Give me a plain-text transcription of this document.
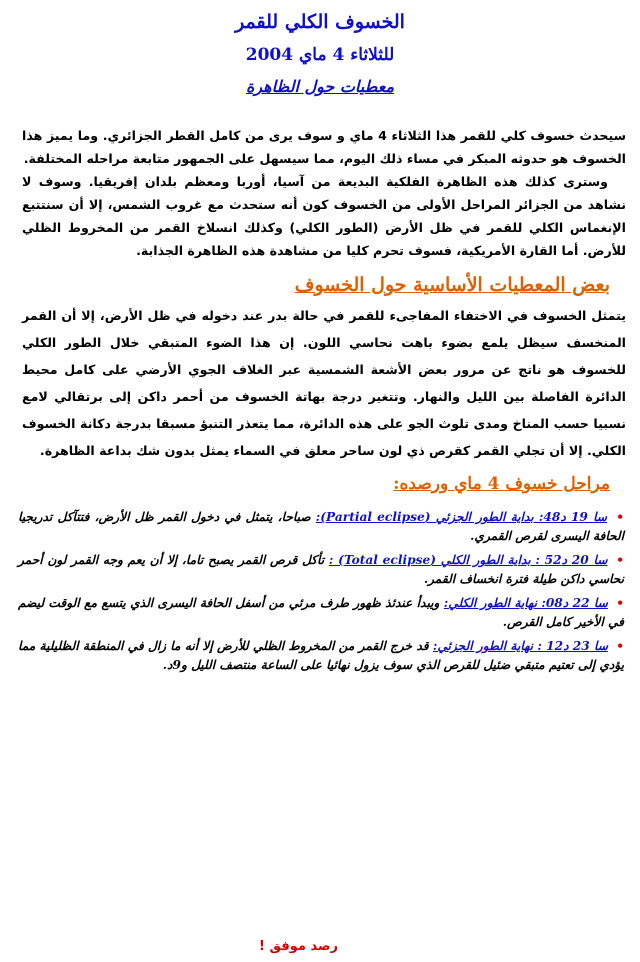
الخسوف الكلي للقمر
للثلاثاء 4 ماي 2004
معطيات حول الظاهرة

سيحدث خسوف كلي للقمر هذا الثلاثاء 4 ماي و سوف يرى من كامل القطر الجزائري. وما يميز هذا الخسوف هو حدوثه المبكر في مساء ذلك اليوم، مما سيسهل على الجمهور متابعة مراحله المختلفة.

وسترى كذلك هذه الظاهرة الفلكية البديعة من آسيا، أوربا ومعظم بلدان إفريقيا. وسوف لا نشاهد من الجزائر المراحل الأولى من الخسوف كون أنه ستحدث مع غروب الشمس، إلا أن سنتتبع الإنغماس الكلي للقمر في ظل الأرض (الطور الكلي) وكذلك انسلاخ القمر من المخروط الظلي للأرض. أما القارة الأمريكية، فسوف تحرم كليا من مشاهدة هذه الظاهرة الجذابة.

بعض المعطيات الأساسية حول الخسوف

يتمثل الخسوف في الاختفاء المفاجىء للقمر في حالة بدر عند دخوله في ظل الأرض، إلا أن القمر المنخسف سيظل يلمع بضوء باهت نحاسي اللون. إن هذا الضوء المتبقي خلال الطور الكلي للخسوف هو ناتج عن مرور بعض الأشعة الشمسية عبر الغلاف الجوي الأرضي على كامل محيط الدائرة الفاصلة بين الليل والنهار. وتتغير درجة بهاتة الخسوف من أحمر داكن إلى برتقالي لامع نسبيا حسب المناخ ومدى تلوث الجو على هذه الدائرة، مما يتعذر التنبؤ مسبقا بدرجة دكانة الخسوف الكلي. إلا أن تجلي القمر كقرص ذي لون ساحر معلق في السماء يمثل بدون شك بداعة الظاهرة.

مراحل خسوف 4 ماي ورصده:
• سا 19 د48: بداية الطور الجزئي (Partial eclipse): صباحا، يتمثل في دخول القمر ظل الأرض، فتتآكل تدريجيا الحافة اليسرى لقرص القمري.
• سا 20 د52 : بداية الطور الكلي (Total eclipse) : تأكل قرص القمر يصبح تاما، إلا أن يعم وجه القمر لون أحمر نحاسي داكن طيلة فترة انخساف القمر.
• سا 22 د08: نهاية الطور الكلي: ويبدأ عندئذ ظهور طرف مرئي من أسفل الحافة اليسرى الذي يتسع مع الوقت ليضم في الأخير كامل القرص.
• سا 23 د12 : نهاية الطور الجزئي: قد خرج القمر من المخروط الظلي للأرض إلا أنه ما زال في المنطقة الظليلية مما يؤدي إلى تعتيم متبقي ضئيل للقرص الذي سوف يزول نهائيا على الساعة منتصف الليل و9د.
رصد موفق !
